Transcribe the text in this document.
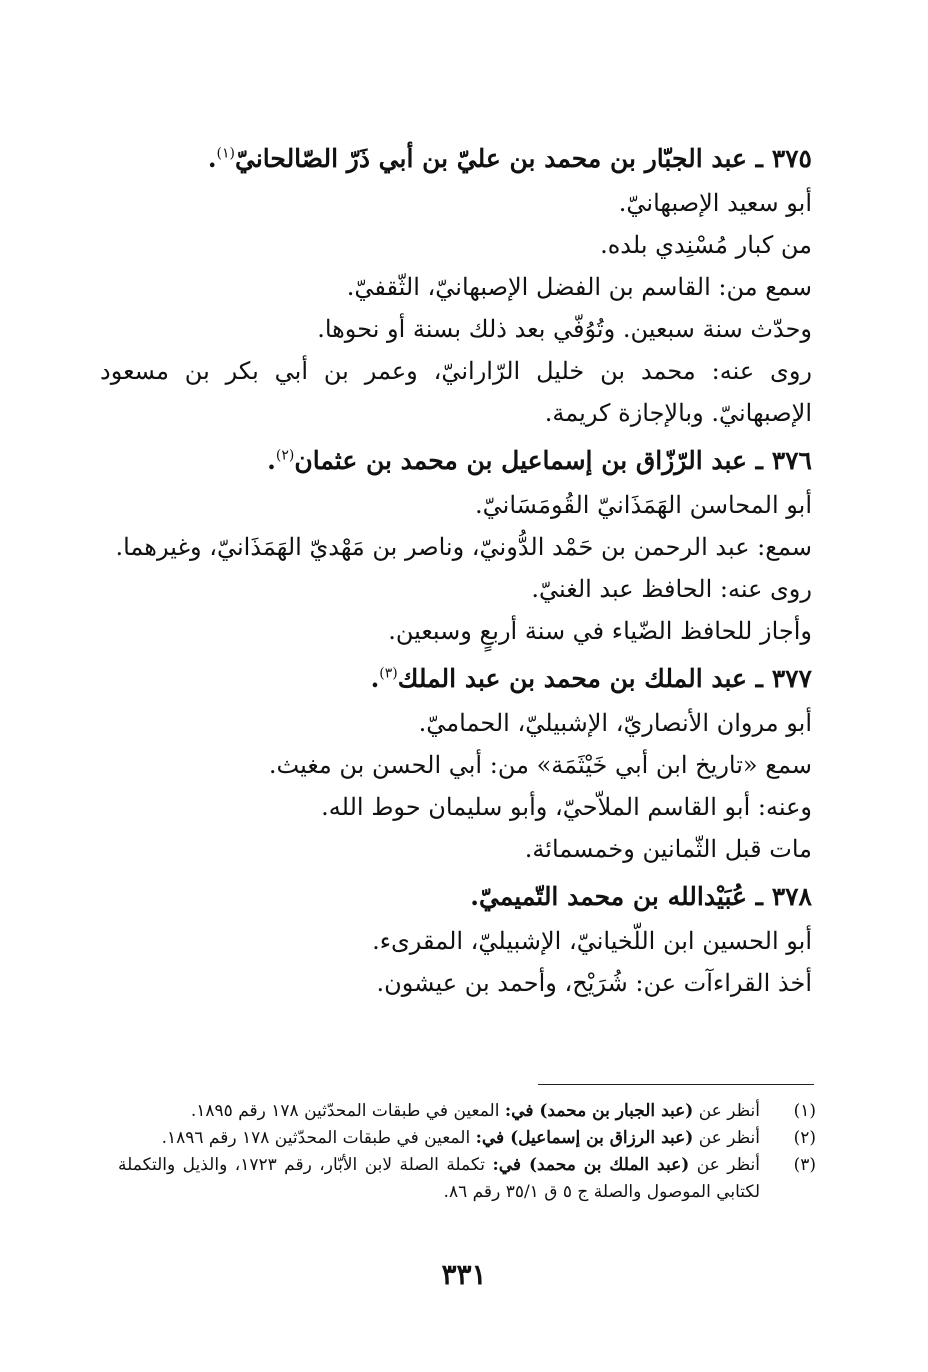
٣٧٥ ـ عبد الجبّار بن محمد بن عليّ بن أبي ذَرّ الصّالحانيّ$^{(١)}$.

أبو سعيد الإصبهانيّ.

من كبار مُسْنِدي بلده.

سمع من: القاسم بن الفضل الإصبهانيّ، الثّقفيّ.

وحدّث سنة سبعين. وتُوُفّي بعد ذلك بسنة أو نحوها.

روى عنه: محمد بن خليل الرّارانيّ، وعمر بن أبي بكر بن مسعود الإصبهانيّ. وبالإجازة كريمة.

٣٧٦ ـ عبد الرّزّاق بن إسماعيل بن محمد بن عثمان$^{(٢)}$.

أبو المحاسن الهَمَذَانيّ القُومَسَانيّ.

سمع: عبد الرحمن بن حَمْد الدُّونيّ، وناصر بن مَهْديّ الهَمَذَانيّ، وغيرهما.

روى عنه: الحافظ عبد الغنيّ.

وأجاز للحافظ الضّياء في سنة أربعٍ وسبعين.

٣٧٧ ـ عبد الملك بن محمد بن عبد الملك$^{(٣)}$.

أبو مروان الأنصاريّ، الإشبيليّ، الحماميّ.

سمع «تاريخ ابن أبي خَيْثَمَة» من: أبي الحسن بن مغيث.

وعنه: أبو القاسم الملاّحيّ، وأبو سليمان حوط الله.

مات قبل الثّمانين وخمسمائة.

٣٧٨ ـ عُبَيْدالله بن محمد التّميميّ.

أبو الحسين ابن اللّخيانيّ، الإشبيليّ، المقرىء.

أخذ القراءآت عن: شُرَيْح، وأحمد بن عيشون.

(١)
أنظر عن (عبد الجبار بن محمد) في: المعين في طبقات المحدّثين ١٧٨ رقم ١٨٩٥.
(٢)
أنظر عن (عبد الرزاق بن إسماعيل) في: المعين في طبقات المحدّثين ١٧٨ رقم ١٨٩٦.
(٣)
أنظر عن (عبد الملك بن محمد) في: تكملة الصلة لابن الأبّار، رقم ١٧٢٣، والذيل والتكملة لكتابي الموصول والصلة ج ٥ ق ٣٥/١ رقم ٨٦.
٣٣١
